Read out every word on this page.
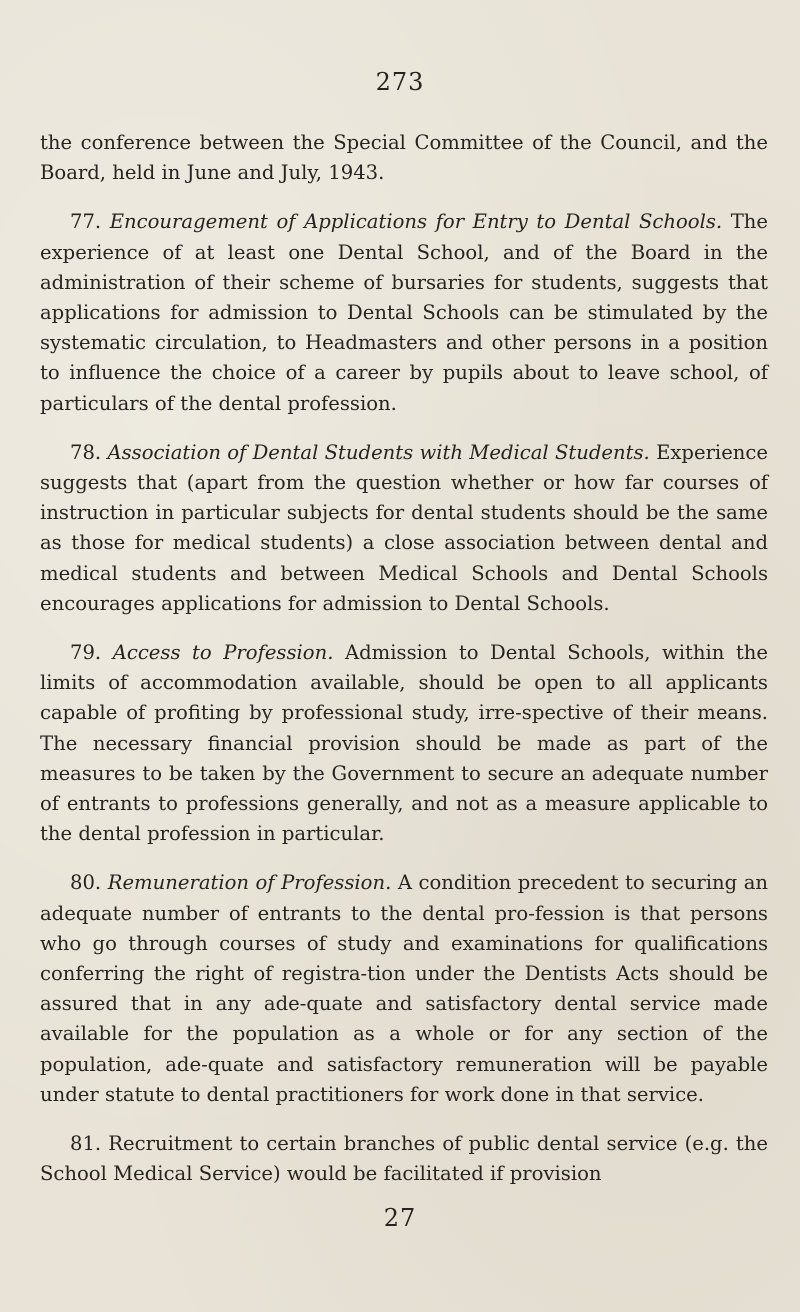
273

the conference between the Special Committee of the Council, and the Board, held in June and July, 1943.

77. Encouragement of Applications for Entry to Dental Schools. The experience of at least one Dental School, and of the Board in the administration of their scheme of bursaries for students, suggests that applications for admission to Dental Schools can be stimulated by the systematic circulation, to Headmasters and other persons in a position to influence the choice of a career by pupils about to leave school, of particulars of the dental profession.

78. Association of Dental Students with Medical Students. Experience suggests that (apart from the question whether or how far courses of instruction in particular subjects for dental students should be the same as those for medical students) a close association between dental and medical students and between Medical Schools and Dental Schools encourages applications for admission to Dental Schools.

79. Access to Profession. Admission to Dental Schools, within the limits of accommodation available, should be open to all applicants capable of profiting by professional study, irre-spective of their means. The necessary financial provision should be made as part of the measures to be taken by the Government to secure an adequate number of entrants to professions generally, and not as a measure applicable to the dental profession in particular.

80. Remuneration of Profession. A condition precedent to securing an adequate number of entrants to the dental pro-fession is that persons who go through courses of study and examinations for qualifications conferring the right of registra-tion under the Dentists Acts should be assured that in any ade-quate and satisfactory dental service made available for the population as a whole or for any section of the population, ade-quate and satisfactory remuneration will be payable under statute to dental practitioners for work done in that service.

81. Recruitment to certain branches of public dental service (e.g. the School Medical Service) would be facilitated if provision

27
